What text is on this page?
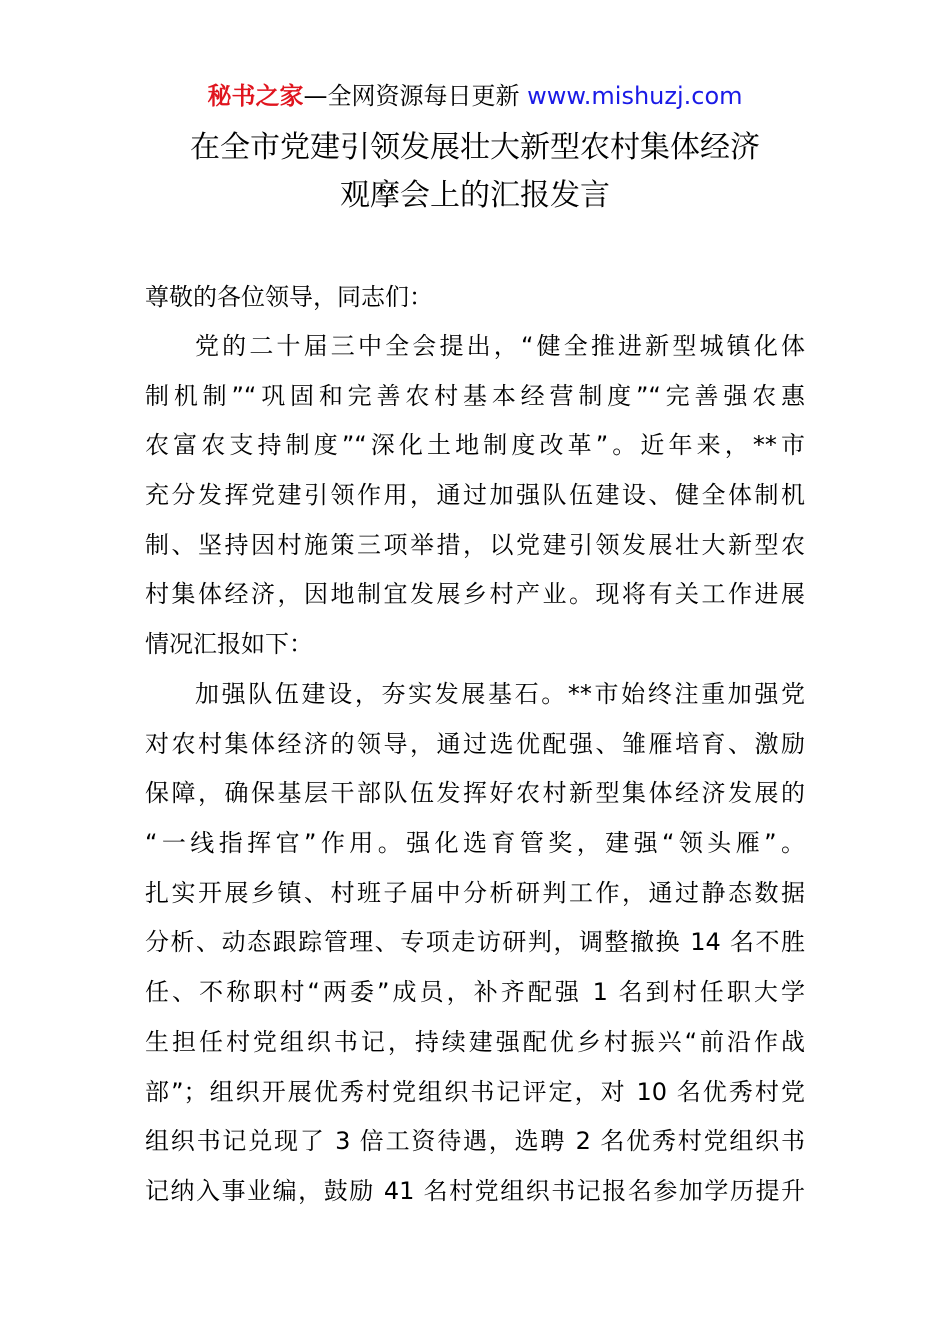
秘书之家—全网资源每日更新 www.mishuzj.com
在全市党建引领发展壮大新型农村集体经济
观摩会上的汇报发言
尊敬的各位领导，同志们：
党的二十届三中全会提出，“健全推进新型城镇化体
制机制”“巩固和完善农村基本经营制度”“完善强农惠
农富农支持制度”“深化土地制度改革”。近年来，**市
充分发挥党建引领作用，通过加强队伍建设、健全体制机
制、坚持因村施策三项举措，以党建引领发展壮大新型农
村集体经济，因地制宜发展乡村产业。现将有关工作进展
情况汇报如下：
加强队伍建设，夯实发展基石。**市始终注重加强党
对农村集体经济的领导，通过选优配强、雏雁培育、激励
保障，确保基层干部队伍发挥好农村新型集体经济发展的
“一线指挥官”作用。强化选育管奖，建强“领头雁”。
扎实开展乡镇、村班子届中分析研判工作，通过静态数据
分析、动态跟踪管理、专项走访研判，调整撤换 14 名不胜
任、不称职村“两委”成员，补齐配强 1 名到村任职大学
生担任村党组织书记，持续建强配优乡村振兴“前沿作战
部”；组织开展优秀村党组织书记评定，对 10 名优秀村党
组织书记兑现了 3 倍工资待遇，选聘 2 名优秀村党组织书
记纳入事业编，鼓励 41 名村党组织书记报名参加学历提升
